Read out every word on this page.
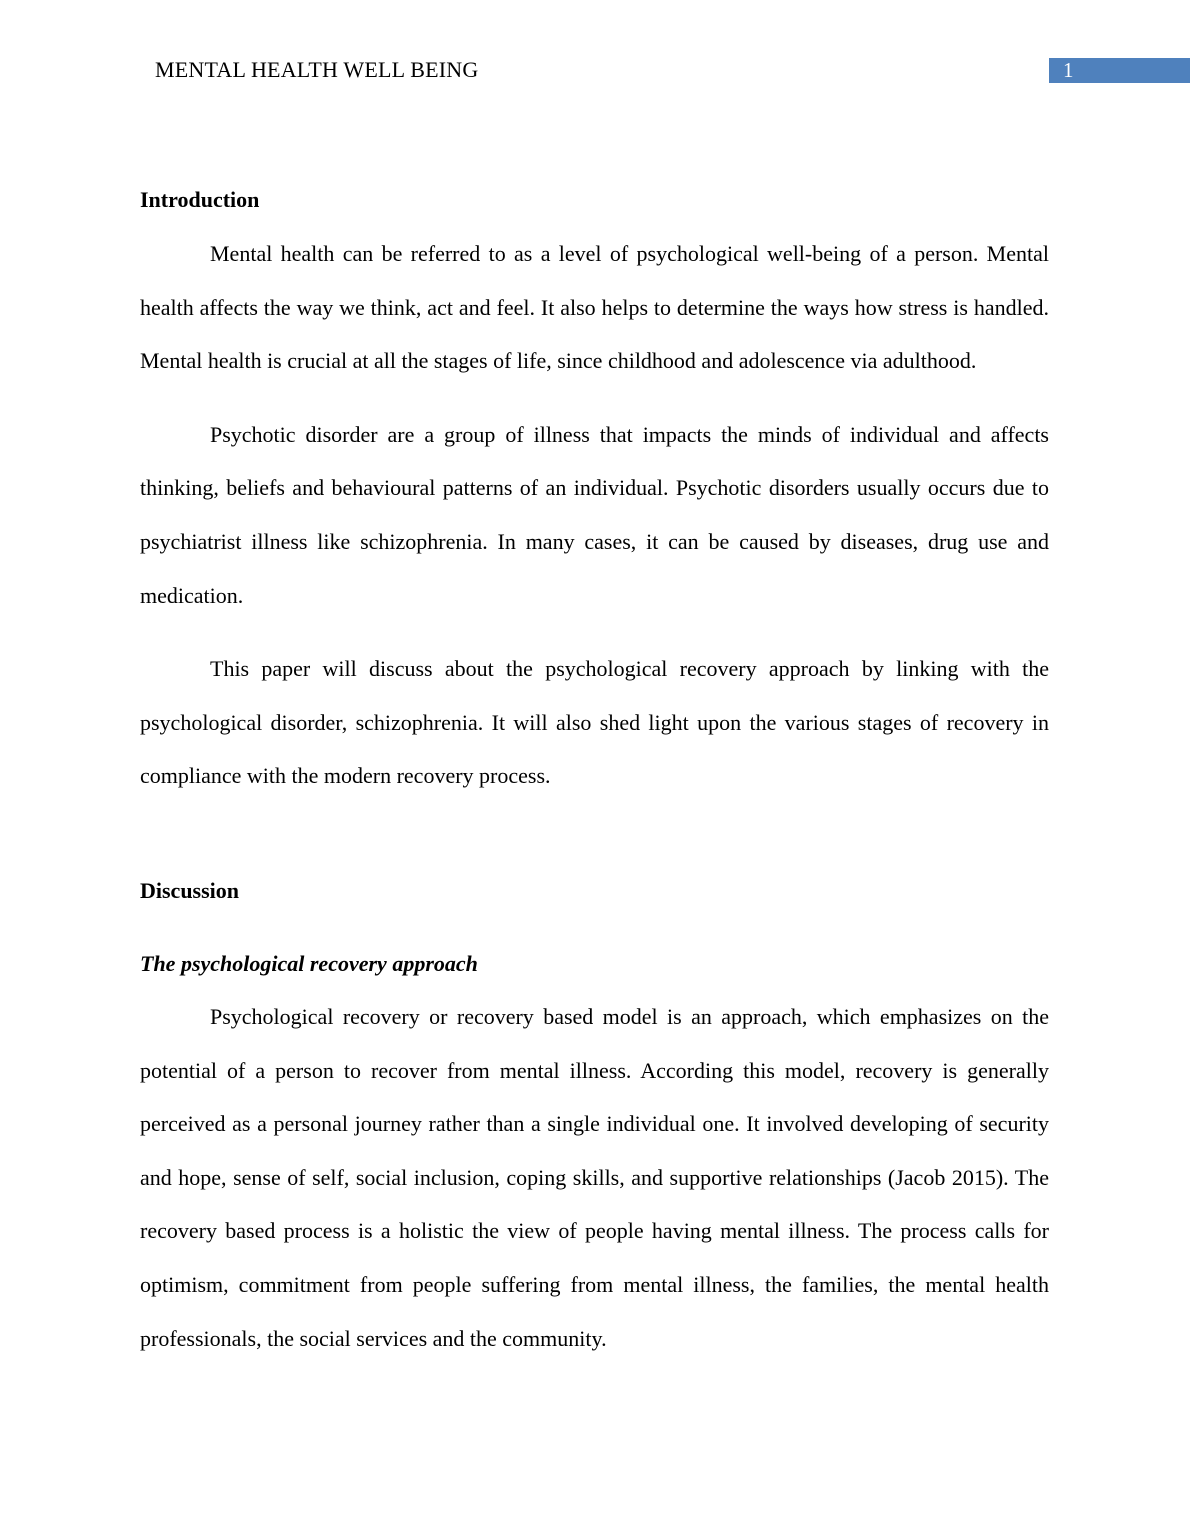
MENTAL HEALTH WELL BEING	1

Introduction

Mental health can be referred to as a level of psychological well-being of a person. Mental health affects the way we think, act and feel. It also helps to determine the ways how stress is handled. Mental health is crucial at all the stages of life, since childhood and adolescence via adulthood.

Psychotic disorder are a group of illness that impacts the minds of individual and affects thinking, beliefs and behavioural patterns of an individual. Psychotic disorders usually occurs due to psychiatrist illness like schizophrenia. In many cases, it can be caused by diseases, drug use and medication.

This paper will discuss about the psychological recovery approach by linking with the psychological disorder, schizophrenia. It will also shed light upon the various stages of recovery in compliance with the modern recovery process.

Discussion

The psychological recovery approach

Psychological recovery or recovery based model is an approach, which emphasizes on the potential of a person to recover from mental illness. According this model, recovery is generally perceived as a personal journey rather than a single individual one. It involved developing of security and hope, sense of self, social inclusion, coping skills, and supportive relationships (Jacob 2015). The recovery based process is a holistic the view of people having mental illness. The process calls for optimism, commitment from people suffering from mental illness, the families, the mental health professionals, the social services and the community.
